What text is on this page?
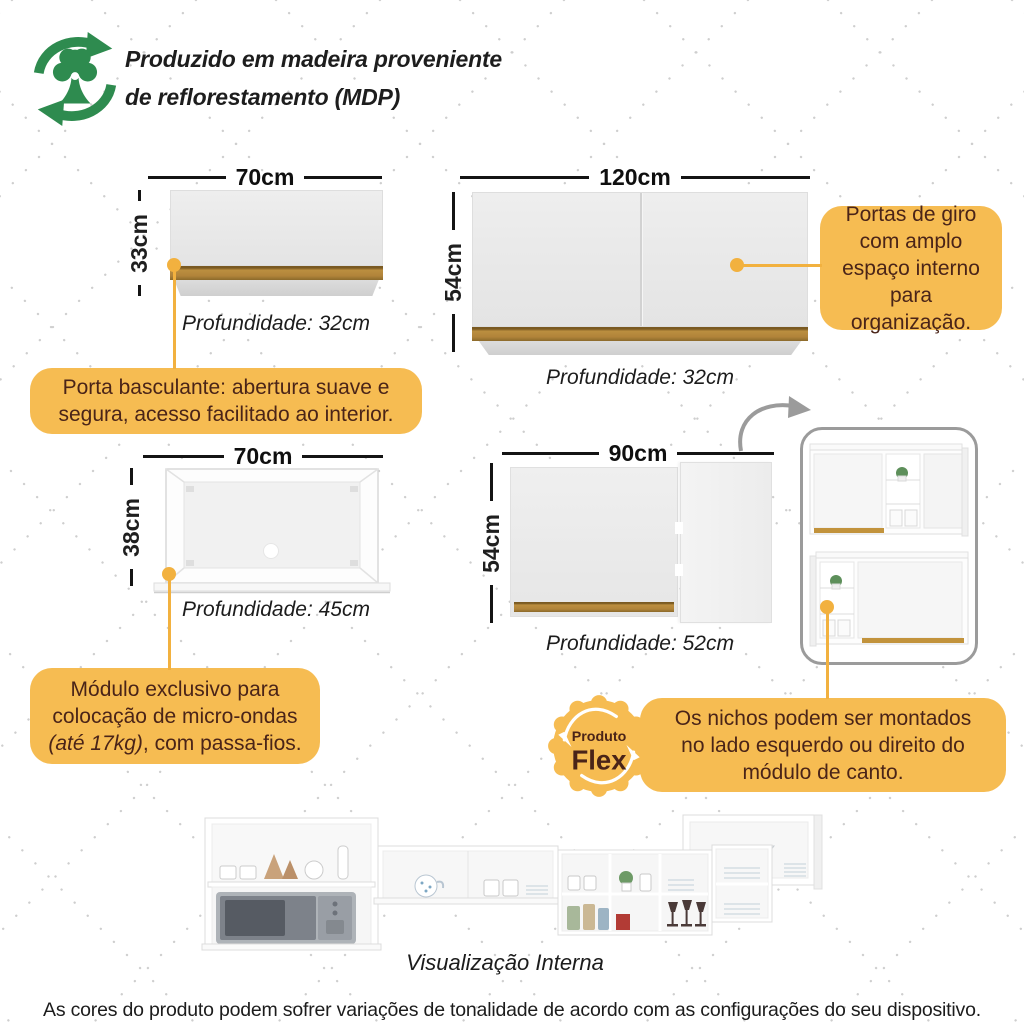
Produzido em madeira proveniente
de reflorestamento (MDP)
70cm
33cm
Profundidade: 32cm
Porta basculante: abertura suave e
segura, acesso facilitado ao interior.
120cm
54cm
Profundidade: 32cm
Portas de giro
com amplo
espaço interno
para organização.
70cm
38cm
Profundidade: 45cm
Módulo exclusivo para
colocação de micro-ondas
(até 17kg), com passa-fios.
90cm
54cm
Profundidade: 52cm
Os nichos podem ser montados
no lado esquerdo ou direito do
módulo de canto.
Produto
Flex
Visualização Interna
As cores do produto podem sofrer variações de tonalidade de acordo com as configurações do seu dispositivo.
